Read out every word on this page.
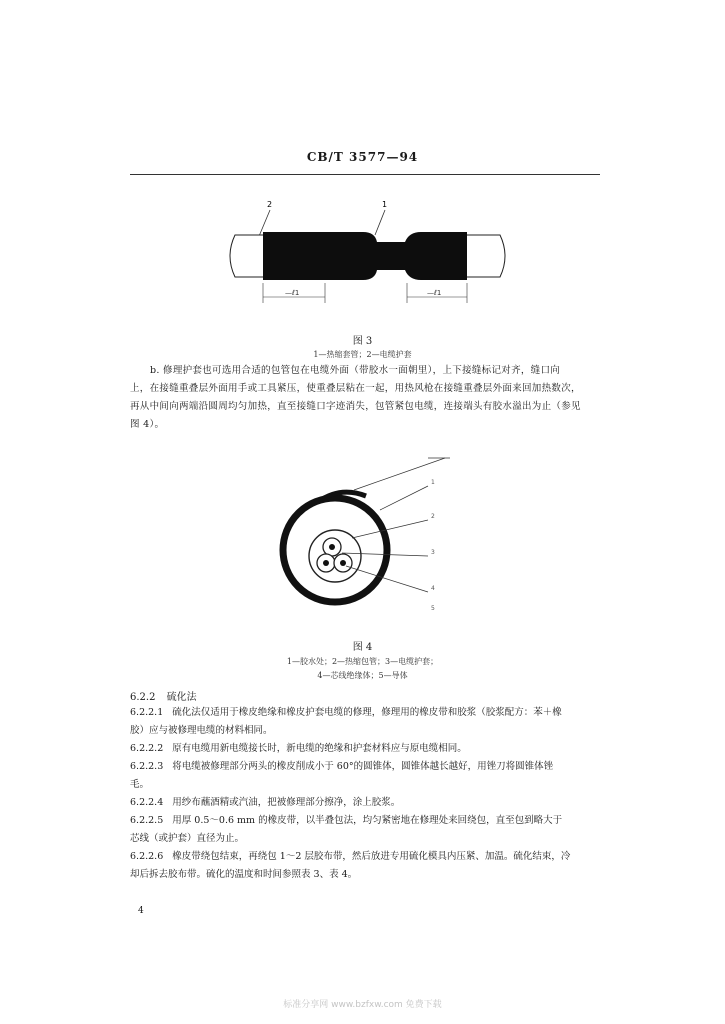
CB/T 3577—94
2	1
—ℓ1	—ℓ1
图 3
1—热缩套管；2—电缆护套
b. 修理护套也可选用合适的包管包在电缆外面（带胶水一面朝里），上下接缝标记对齐，缝口向
上，在接缝重叠层外面用手或工具紧压，使重叠层粘在一起，用热风枪在接缝重叠层外面来回加热数次，
再从中间向两端沿圆周均匀加热，直至接缝口字迹消失，包管紧包电缆，连接端头有胶水溢出为止（参见
图 4）。
1
2
3
4
5
图 4
1—胶水处；2—热缩包管；3—电缆护套；
4—芯线绝缘体；5—导体
6.2.2 硫化法
6.2.2.1 硫化法仅适用于橡皮绝缘和橡皮护套电缆的修理，修理用的橡皮带和胶浆（胶浆配方：苯＋橡
胶）应与被修理电缆的材料相同。
6.2.2.2 原有电缆用新电缆接长时，新电缆的绝缘和护套材料应与原电缆相同。
6.2.2.3 将电缆被修理部分两头的橡皮削成小于 60°的圆锥体，圆锥体越长越好，用锉刀将圆锥体锉
毛。
6.2.2.4 用纱布蘸酒精或汽油，把被修理部分擦净，涂上胶浆。
6.2.2.5 用厚 0.5～0.6 mm 的橡皮带，以半叠包法，均匀紧密地在修理处来回绕包，直至包到略大于
芯线（或护套）直径为止。
6.2.2.6 橡皮带绕包结束，再绕包 1～2 层胶布带，然后放进专用硫化模具内压紧、加温。硫化结束，冷
却后拆去胶布带。硫化的温度和时间参照表 3、表 4。
4
标准分享网 www.bzfxw.com 免费下载
